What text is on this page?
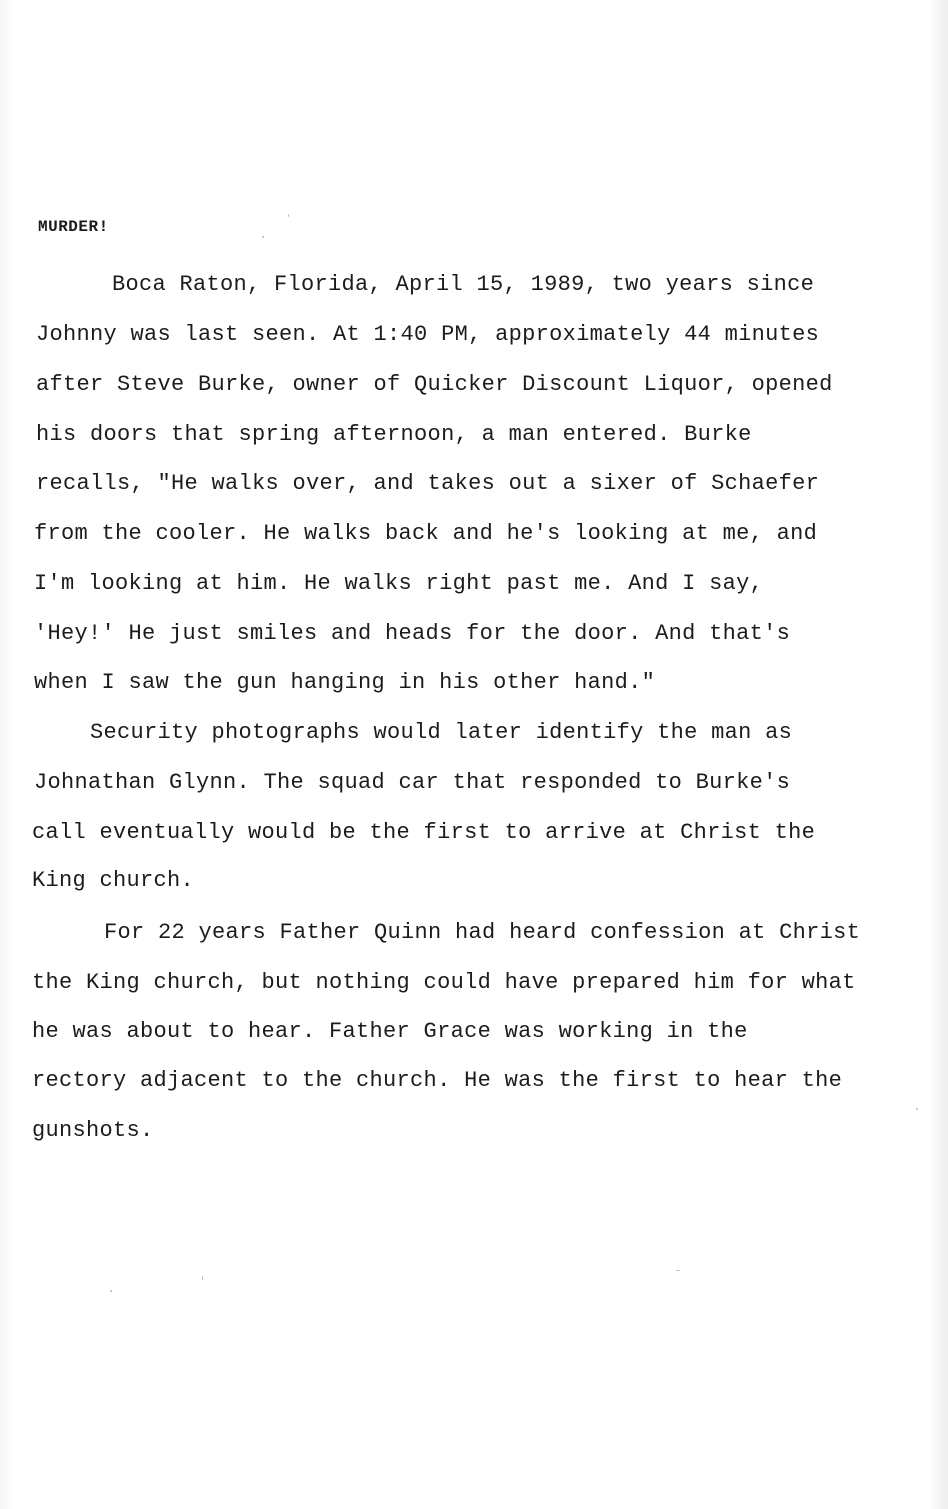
MURDER!
Boca Raton, Florida, April 15, 1989, two years since
Johnny was last seen. At 1:40 PM, approximately 44 minutes
after Steve Burke, owner of Quicker Discount Liquor, opened
his doors that spring afternoon, a man entered. Burke
recalls, "He walks over, and takes out a sixer of Schaefer
from the cooler. He walks back and he's looking at me, and
I'm looking at him. He walks right past me. And I say,
'Hey!' He just smiles and heads for the door. And that's
when I saw the gun hanging in his other hand."
Security photographs would later identify the man as
Johnathan Glynn. The squad car that responded to Burke's
call eventually would be the first to arrive at Christ the
King church.
For 22 years Father Quinn had heard confession at Christ
the King church, but nothing could have prepared him for what
he was about to hear. Father Grace was working in the
rectory adjacent to the church. He was the first to hear the
gunshots.
